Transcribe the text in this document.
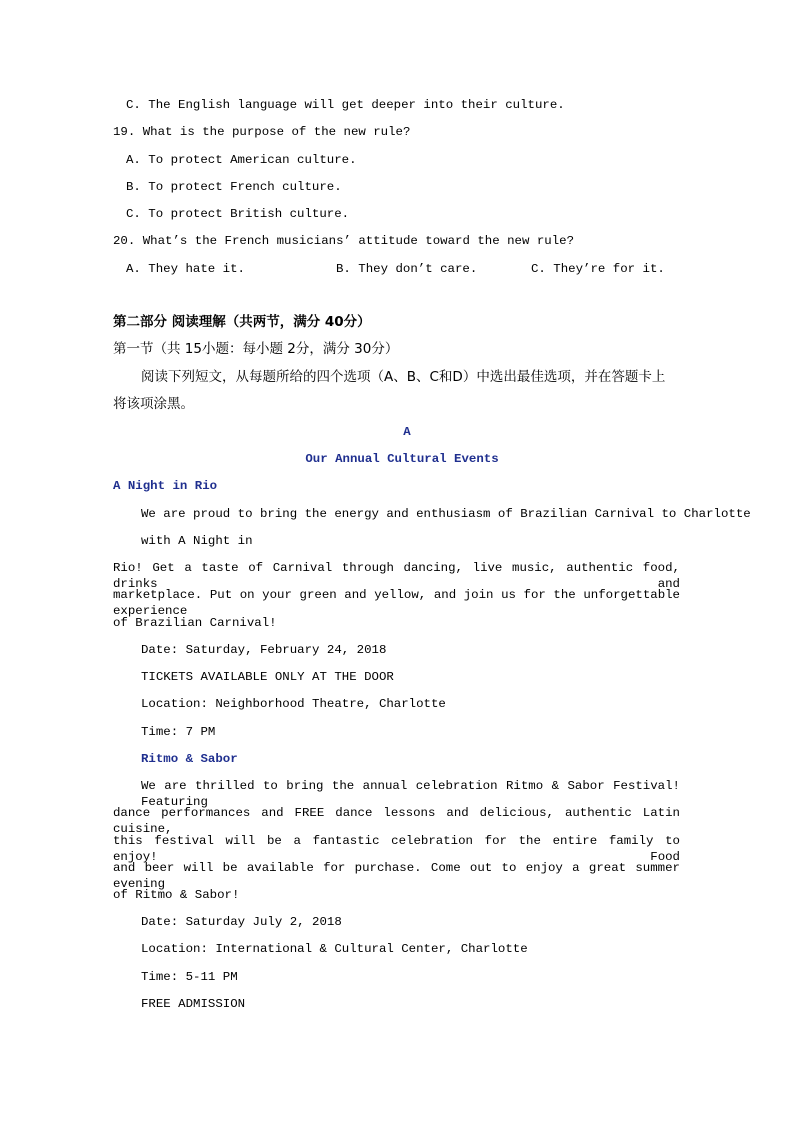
C. The English language will get deeper into their culture.
19. What is the purpose of the new rule?
A. To protect American culture.
B. To protect French culture.
C. To protect British culture.
20. What’s the French musicians’ attitude toward the new rule?
A. They hate it.	B. They don’t care.	C. They’re for it.
第二部分 阅读理解（共两节，满分 40分）
第一节（共 15小题：每小题 2分，满分 30分）
阅读下列短文，从每题所给的四个选项（A、B、C和D）中选出最佳选项，并在答题卡上
将该项涂黑。
A
Our Annual Cultural Events
A Night in Rio
We are proud to bring the energy and enthusiasm of Brazilian Carnival to Charlotte
with A Night in
Rio! Get a taste of Carnival through dancing, live music, authentic food, drinks and
marketplace. Put on your green and yellow, and join us for the unforgettable experience
of Brazilian Carnival!
Date: Saturday, February 24, 2018
TICKETS AVAILABLE ONLY AT THE DOOR
Location: Neighborhood Theatre, Charlotte
Time: 7 PM
Ritmo & Sabor
We are thrilled to bring the annual celebration Ritmo & Sabor Festival! Featuring
dance performances and FREE dance lessons and delicious, authentic Latin cuisine,
this festival will be a fantastic celebration for the entire family to enjoy! Food
and beer will be available for purchase. Come out to enjoy a great summer evening
of Ritmo & Sabor!
Date: Saturday July 2, 2018
Location: International & Cultural Center, Charlotte
Time: 5-11 PM
FREE ADMISSION
